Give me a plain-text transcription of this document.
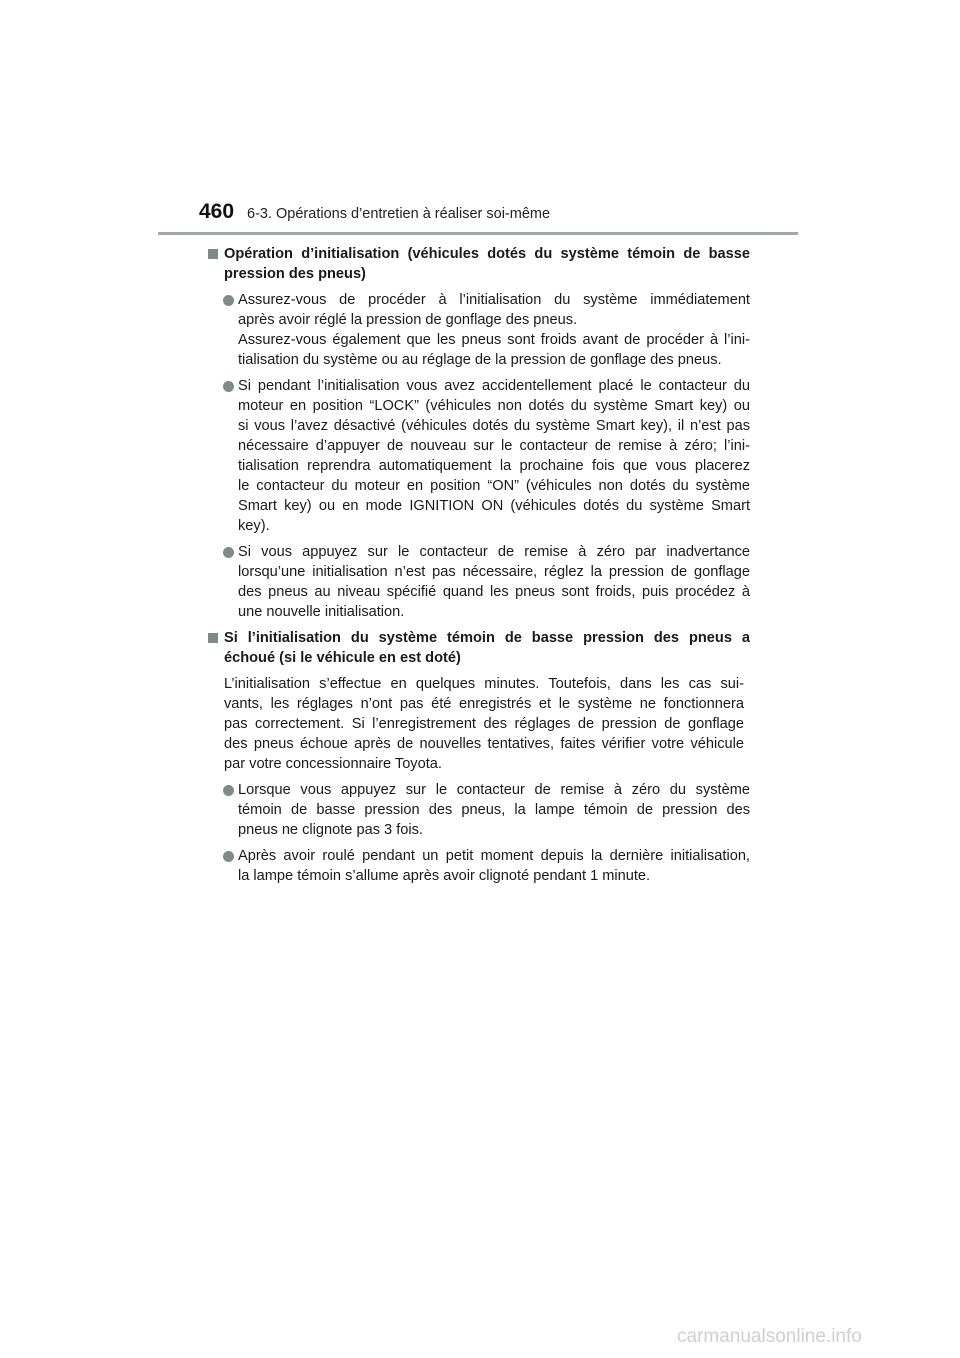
460 6-3. Opérations d’entretien à réaliser soi-même
Opération d’initialisation (véhicules dotés du système témoin de basse
pression des pneus)
Assurez-vous de procéder à l’initialisation du système immédiatement
après avoir réglé la pression de gonflage des pneus.
Assurez-vous également que les pneus sont froids avant de procéder à l’ini-
tialisation du système ou au réglage de la pression de gonflage des pneus.
Si pendant l’initialisation vous avez accidentellement placé le contacteur du
moteur en position “LOCK” (véhicules non dotés du système Smart key) ou
si vous l’avez désactivé (véhicules dotés du système Smart key), il n’est pas
nécessaire d’appuyer de nouveau sur le contacteur de remise à zéro; l’ini-
tialisation reprendra automatiquement la prochaine fois que vous placerez
le contacteur du moteur en position “ON” (véhicules non dotés du système
Smart key) ou en mode IGNITION ON (véhicules dotés du système Smart
key).
Si vous appuyez sur le contacteur de remise à zéro par inadvertance
lorsqu’une initialisation n’est pas nécessaire, réglez la pression de gonflage
des pneus au niveau spécifié quand les pneus sont froids, puis procédez à
une nouvelle initialisation.
Si l’initialisation du système témoin de basse pression des pneus a
échoué (si le véhicule en est doté)
L’initialisation s’effectue en quelques minutes. Toutefois, dans les cas sui-
vants, les réglages n’ont pas été enregistrés et le système ne fonctionnera
pas correctement. Si l’enregistrement des réglages de pression de gonflage
des pneus échoue après de nouvelles tentatives, faites vérifier votre véhicule
par votre concessionnaire Toyota.
Lorsque vous appuyez sur le contacteur de remise à zéro du système
témoin de basse pression des pneus, la lampe témoin de pression des
pneus ne clignote pas 3 fois.
Après avoir roulé pendant un petit moment depuis la dernière initialisation,
la lampe témoin s’allume après avoir clignoté pendant 1 minute.
carmanualsonline.info
